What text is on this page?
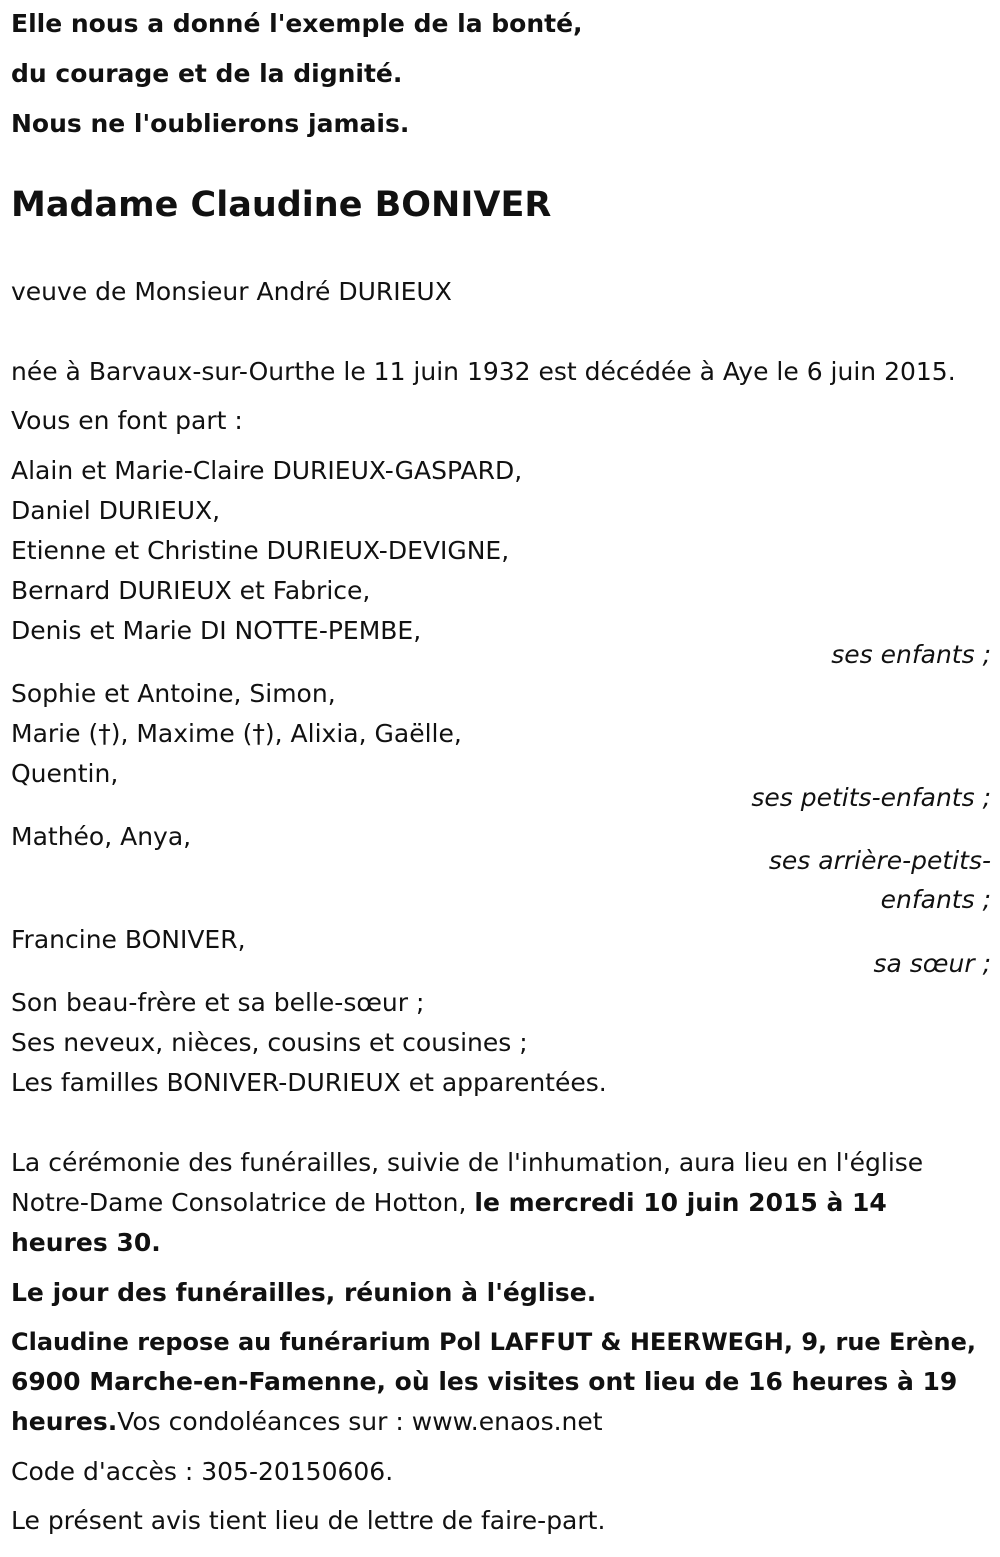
Elle nous a donné l'exemple de la bonté,
du courage et de la dignité.
Nous ne l'oublierons jamais.
Madame Claudine BONIVER
veuve de Monsieur André DURIEUX
née à Barvaux-sur-Ourthe le 11 juin 1932 est décédée à Aye le 6 juin 2015.
Vous en font part :
Alain et Marie-Claire DURIEUX-GASPARD,
Daniel DURIEUX,
Etienne et Christine DURIEUX-DEVIGNE,
Bernard DURIEUX et Fabrice,
Denis et Marie DI NOTTE-PEMBE,
ses enfants ;
Sophie et Antoine, Simon,
Marie (†), Maxime (†), Alixia, Gaëlle,
Quentin,
ses petits-enfants ;
Mathéo, Anya,
ses arrière-petits-
enfants ;
Francine BONIVER,
sa sœur ;
Son beau-frère et sa belle-sœur ;
Ses neveux, nièces, cousins et cousines ;
Les familles BONIVER-DURIEUX et apparentées.
La cérémonie des funérailles, suivie de l'inhumation, aura lieu en l'église
Notre-Dame Consolatrice de Hotton, le mercredi 10 juin 2015 à 14
heures 30.
Le jour des funérailles, réunion à l'église.
Claudine repose au funérarium Pol LAFFUT & HEERWEGH, 9, rue Erène,
6900 Marche-en-Famenne, où les visites ont lieu de 16 heures à 19
heures.Vos condoléances sur : www.enaos.net
Code d'accès : 305-20150606.
Le présent avis tient lieu de lettre de faire-part.
